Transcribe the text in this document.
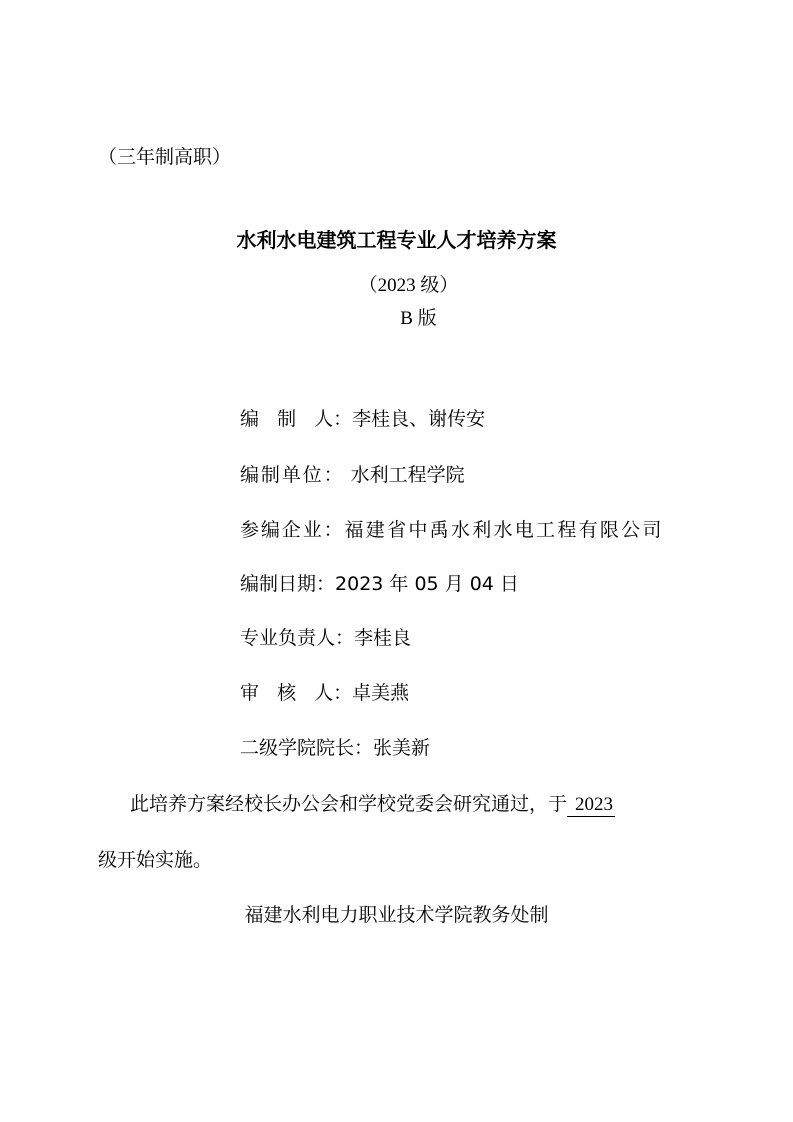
（三年制高职）
水利水电建筑工程专业人才培养方案
（2023 级）
B 版
编制人：李桂良、谢传安
编制单位： 水利工程学院
参编企业：福建省中禹水利水电工程有限公司
编制日期：2023 年 05 月 04 日
专业负责人：李桂良
审核人：卓美燕
二级学院院长：张美新
此培养方案经校长办公会和学校党委会研究通过，于 2023
级开始实施。
福建水利电力职业技术学院教务处制
